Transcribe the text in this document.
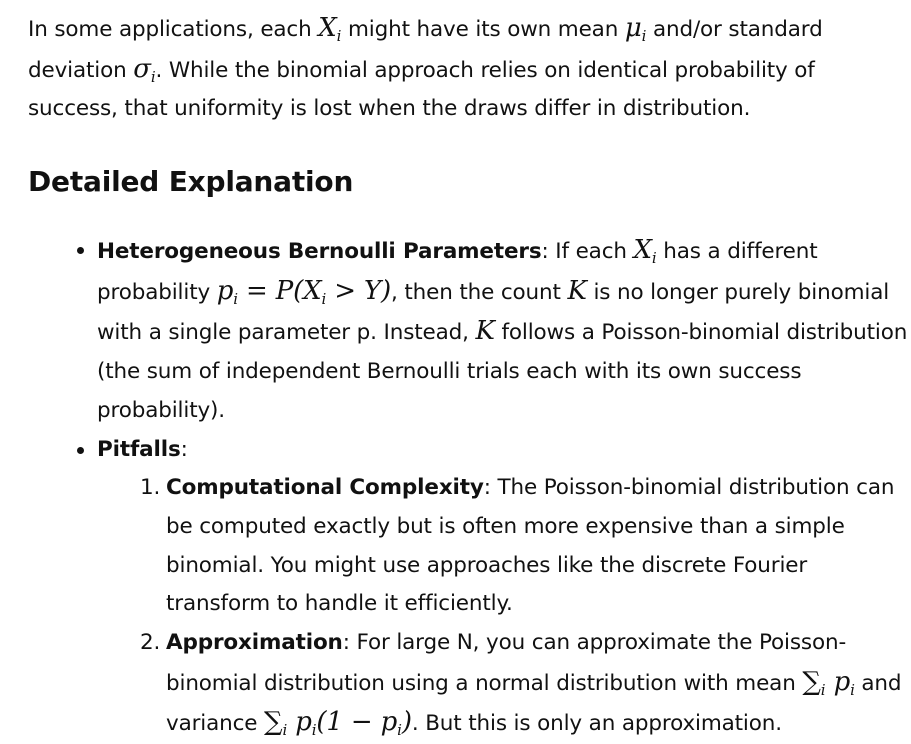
In some applications, each $X_i$ might have its own mean $\mu_i$ and/or standard deviation $\sigma_i$. While the binomial approach relies on identical probability of success, that uniformity is lost when the draws differ in distribution.

Detailed Explanation
Heterogeneous Bernoulli Parameters: If each $X_i$ has a different probability $p_i = P(X_i > Y)$, then the count K is no longer purely binomial with a single parameter p. Instead, K follows a Poisson-binomial distribution (the sum of independent Bernoulli trials each with its own success probability).
Pitfalls:
1. Computational Complexity: The Poisson-binomial distribution can be computed exactly but is often more expensive than a simple binomial. You might use approaches like the discrete Fourier transform to handle it efficiently.
2. Approximation: For large N, you can approximate the Poisson-binomial distribution using a normal distribution with mean $\sum_i$ $p_i$ and variance $\sum_i$ $p_i(1 - p_i)$. But this is only an approximation.
